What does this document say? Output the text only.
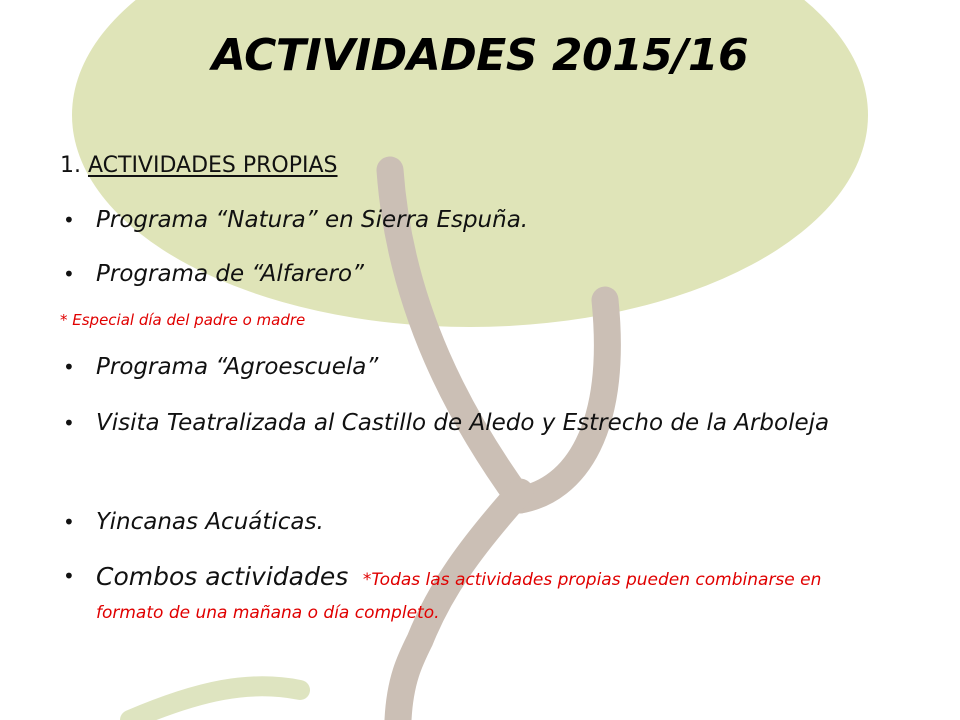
ACTIVIDADES 2015/16
1. ACTIVIDADES PROPIAS
• Programa “Natura” en Sierra Espuña.
• Programa de “Alfarero”
* Especial día del padre o madre
• Programa “Agroescuela”
• Visita Teatralizada al Castillo de Aledo y Estrecho de la Arboleja
• Yincanas Acuáticas.
• Combos actividades *Todas las actividades propias pueden combinarse en formato de una mañana o día completo.
